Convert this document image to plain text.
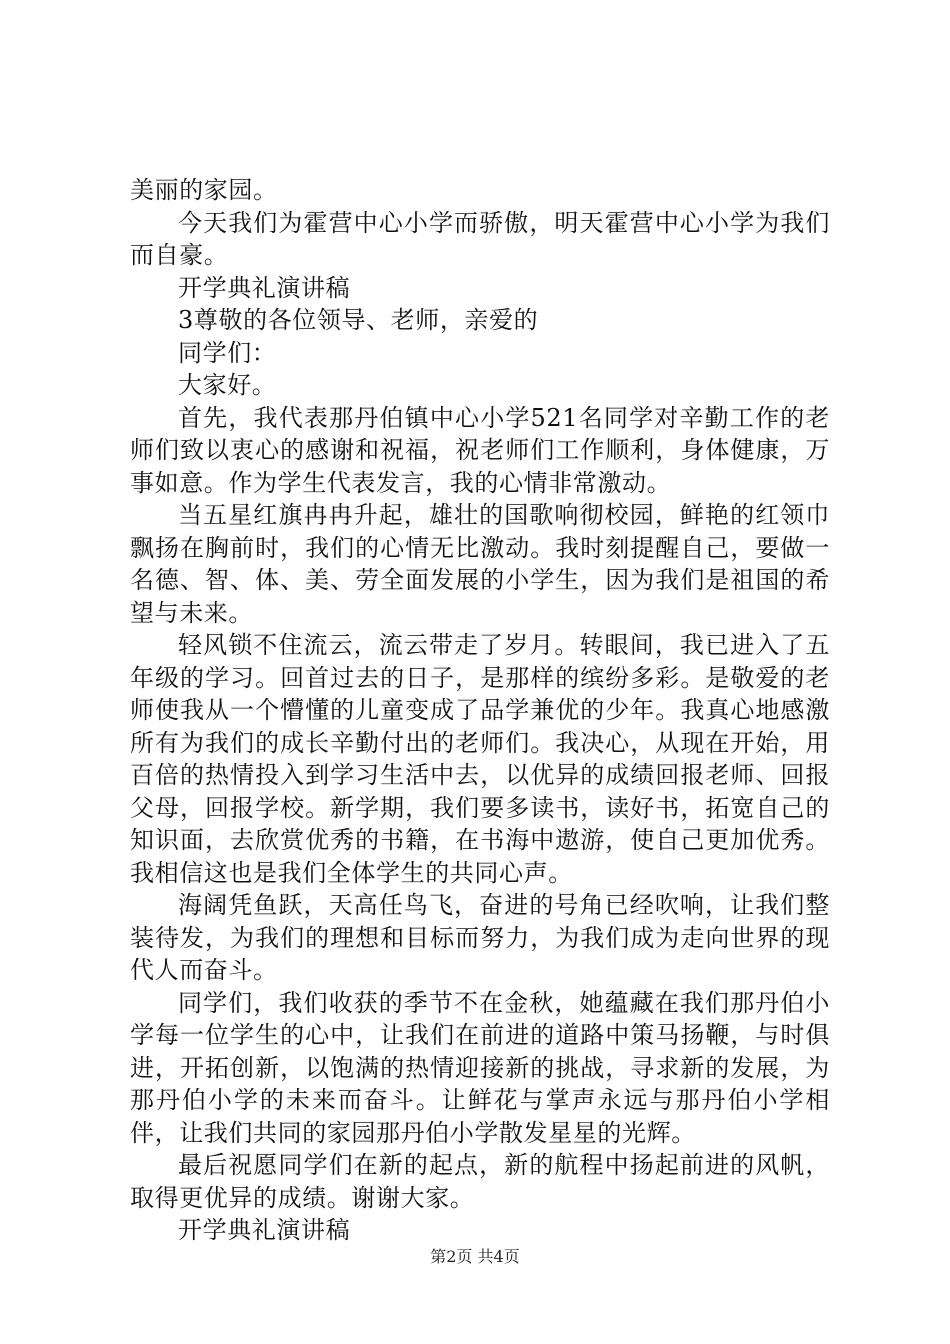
美丽的家园。

今天我们为霍营中心小学而骄傲，明天霍营中心小学为我们而自豪。

开学典礼演讲稿

3尊敬的各位领导、老师，亲爱的

同学们：

大家好。

首先，我代表那丹伯镇中心小学521名同学对辛勤工作的老师们致以衷心的感谢和祝福，祝老师们工作顺利，身体健康，万事如意。作为学生代表发言，我的心情非常激动。

当五星红旗冉冉升起，雄壮的国歌响彻校园，鲜艳的红领巾飘扬在胸前时，我们的心情无比激动。我时刻提醒自己，要做一名德、智、体、美、劳全面发展的小学生，因为我们是祖国的希望与未来。

轻风锁不住流云，流云带走了岁月。转眼间，我已进入了五年级的学习。回首过去的日子，是那样的缤纷多彩。是敬爱的老师使我从一个懵懂的儿童变成了品学兼优的少年。我真心地感激所有为我们的成长辛勤付出的老师们。我决心，从现在开始，用百倍的热情投入到学习生活中去，以优异的成绩回报老师、回报父母，回报学校。新学期，我们要多读书，读好书，拓宽自己的知识面，去欣赏优秀的书籍，在书海中遨游，使自己更加优秀。我相信这也是我们全体学生的共同心声。

海阔凭鱼跃，天高任鸟飞，奋进的号角已经吹响，让我们整装待发，为我们的理想和目标而努力，为我们成为走向世界的现代人而奋斗。

同学们，我们收获的季节不在金秋，她蕴藏在我们那丹伯小学每一位学生的心中，让我们在前进的道路中策马扬鞭，与时俱进，开拓创新，以饱满的热情迎接新的挑战，寻求新的发展，为那丹伯小学的未来而奋斗。让鲜花与掌声永远与那丹伯小学相伴，让我们共同的家园那丹伯小学散发星星的光辉。

最后祝愿同学们在新的起点，新的航程中扬起前进的风帆，取得更优异的成绩。谢谢大家。

开学典礼演讲稿

第2页 共4页
